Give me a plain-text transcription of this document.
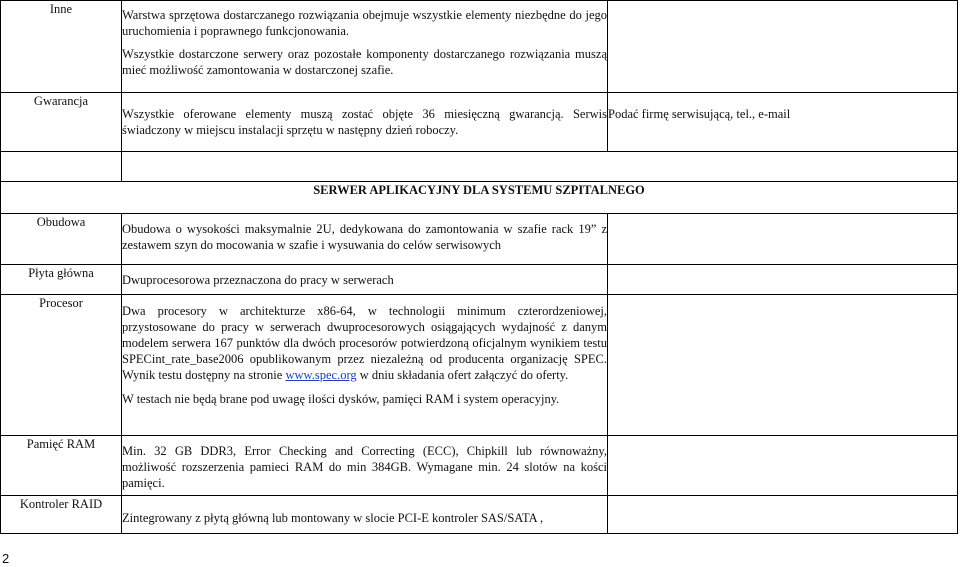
Inne	Warstwa sprzętowa dostarczanego rozwiązania obejmuje wszystkie elementy niezbędne do jego uruchomienia i poprawnego funkcjonowania.

Wszystkie dostarczone serwery oraz pozostałe komponenty dostarczanego rozwiązania muszą mieć możliwość zamontowania w dostarczonej szafie.	

Gwarancja	Wszystkie oferowane elementy muszą zostać objęte 36 miesięczną gwarancją. Serwis świadczony w miejscu instalacji sprzętu w następny dzień roboczy.	Podać firmę serwisującą, tel., e-mail

SERWER APLIKACYJNY DLA SYSTEMU SZPITALNEGO		
Obudowa	Obudowa o wysokości maksymalnie 2U, dedykowana do zamontowania w szafie rack 19” z zestawem szyn do mocowania w szafie i wysuwania do celów serwisowych	

Płyta główna	Dwuprocesorowa przeznaczona do pracy w serwerach	
Procesor	Dwa procesory w architekturze x86-64, w technologii minimum czterordzeniowej, przystosowane do pracy w serwerach dwuprocesorowych osiągających wydajność z danym modelem serwera 167 punktów dla dwóch procesorów potwierdzoną oficjalnym wynikiem testu SPECint_rate_base2006 opublikowanym przez niezależną od producenta organizację SPEC. Wynik testu dostępny na stronie www.spec.org w dniu składania ofert załączyć do oferty.

W testach nie będą brane pod uwagę ilości dysków, pamięci RAM i system operacyjny.	

Pamięć RAM	Min. 32 GB DDR3, Error Checking and Correcting (ECC), Chipkill lub równoważny, możliwość rozszerzenia pamieci RAM do min 384GB. Wymagane min. 24 slotów na kości pamięci.	

Kontroler RAID	Zintegrowany z płytą główną lub montowany w slocie PCI-E kontroler SAS/SATA ,	

2
